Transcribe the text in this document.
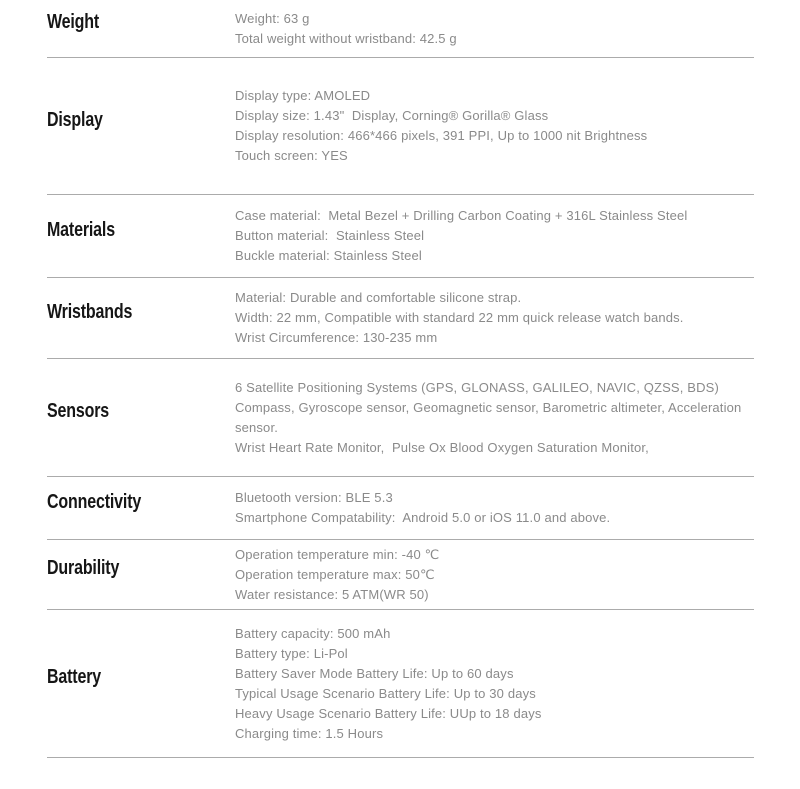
Weight	Weight: 63 g
Total weight without wristband: 42.5 g
Display
Display type: AMOLED
Display size: 1.43"  Display, Corning® Gorilla® Glass
Display resolution: 466*466 pixels, 391 PPI, Up to 1000 nit Brightness
Touch screen: YES
Materials
Case material:  Metal Bezel + Drilling Carbon Coating + 316L Stainless Steel
Button material:  Stainless Steel
Buckle material: Stainless Steel
Wristbands
Material: Durable and comfortable silicone strap.
Width: 22 mm, Compatible with standard 22 mm quick release watch bands.
Wrist Circumference: 130-235 mm
Sensors
6 Satellite Positioning Systems (GPS, GLONASS, GALILEO, NAVIC, QZSS, BDS)
Compass, Gyroscope sensor, Geomagnetic sensor, Barometric altimeter, Acceleration sensor.
Wrist Heart Rate Monitor,  Pulse Ox Blood Oxygen Saturation Monitor,
Connectivity	Bluetooth version: BLE 5.3
Smartphone Compatability:  Android 5.0 or iOS 11.0 and above.
Durability
Operation temperature min: -40 ℃
Operation temperature max: 50℃
Water resistance: 5 ATM(WR 50)
Battery
Battery capacity: 500 mAh
Battery type: Li-Pol
Battery Saver Mode Battery Life: Up to 60 days
Typical Usage Scenario Battery Life: Up to 30 days
Heavy Usage Scenario Battery Life: UUp to 18 days
Charging time: 1.5 Hours
